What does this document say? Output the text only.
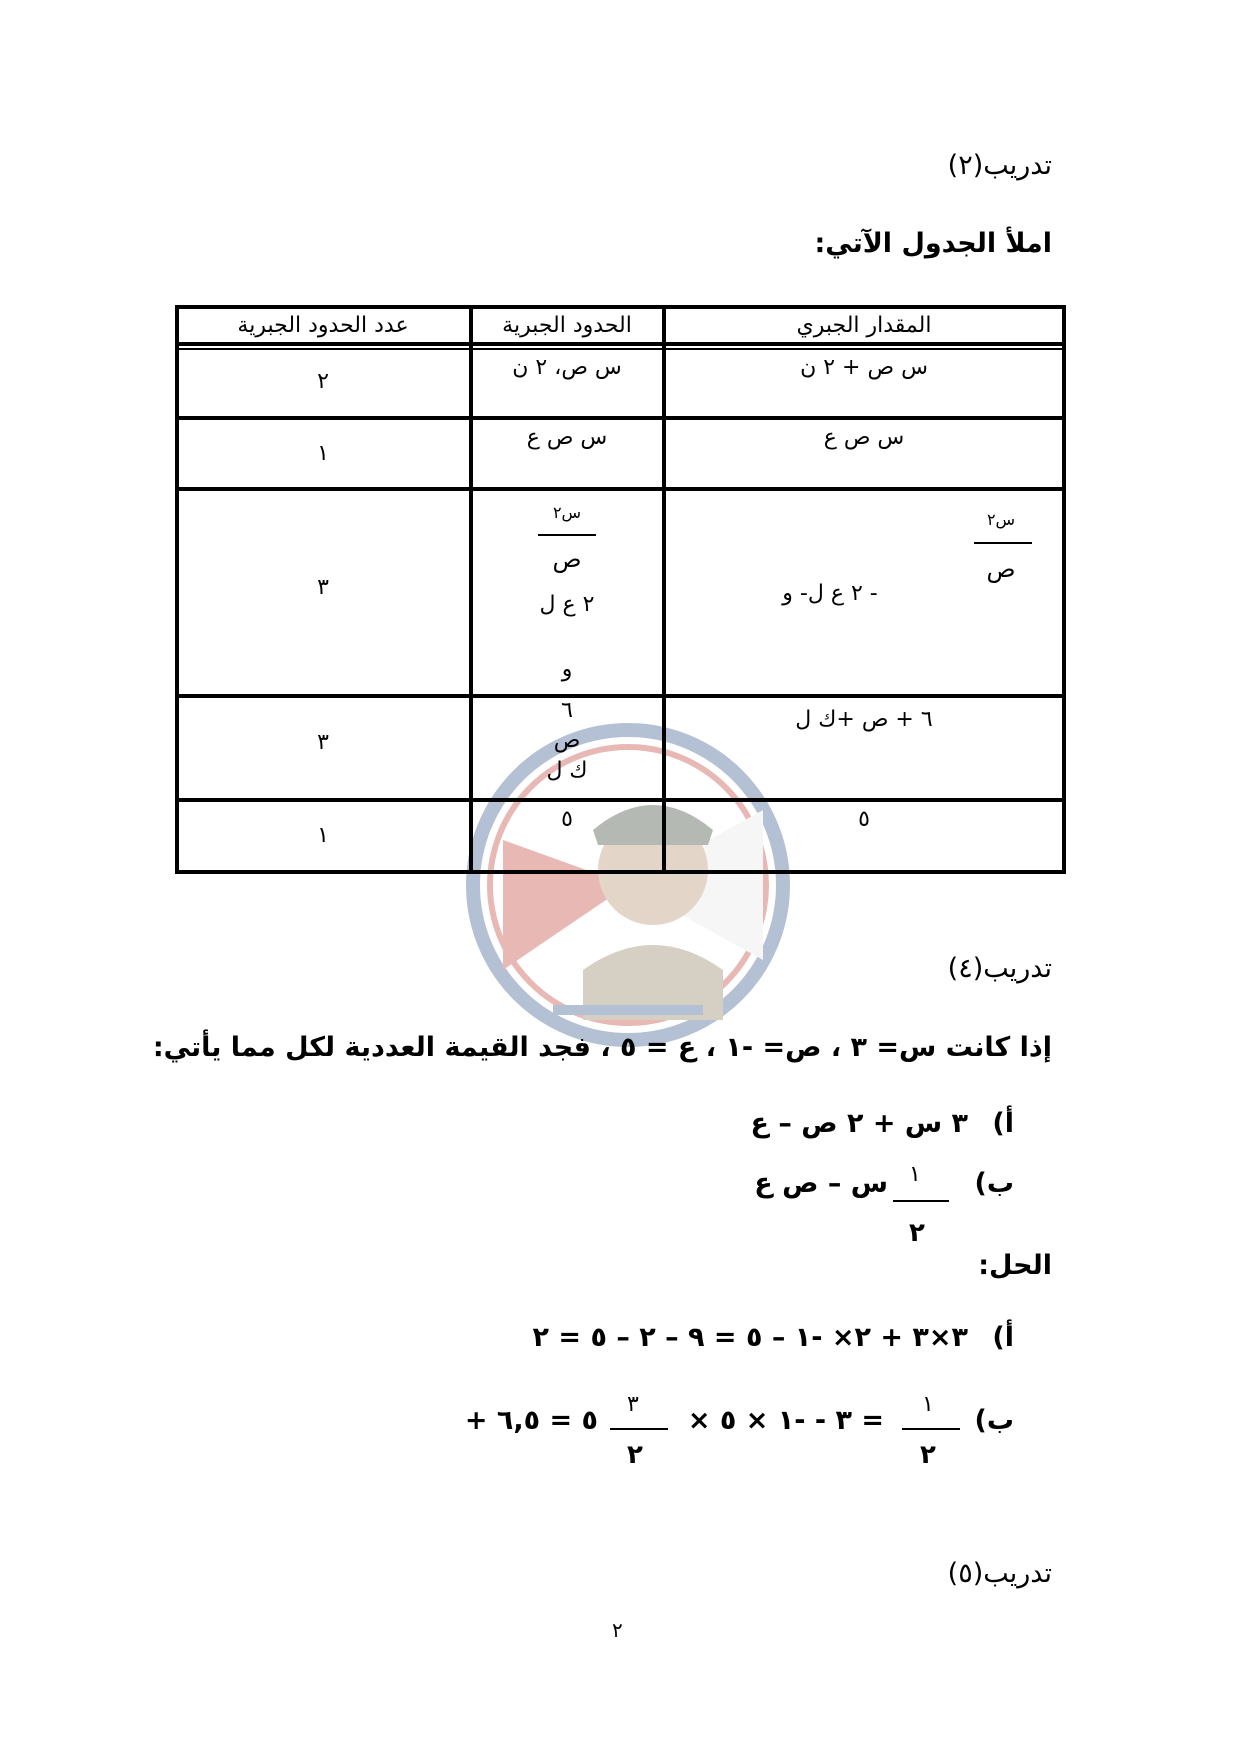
تدريب(٢)
املأ الجدول الآتي:
المقدار الجبري
الحدود الجبرية
عدد الحدود الجبرية
س ص + ٢ ن
س ص، ٢ ن
٢
س ص ع
س ص ع
١
س٢
ص
- ٢ ع ل- و
س٢
ص
٢ ع ل
و
٣
٦ + ص +ك ل
٦
ص
ك ل
٣
٥
٥
١
تدريب(٤)
إذا كانت س= ٣ ، ص= -١ ، ع = ٥ ، فجد القيمة العددية لكل مما يأتي:
أ)
٣ س + ٢ ص – ع
ب)
١
٢
س – ص ع
الحل:
أ)
٣×٣ + ٢× -١ – ٥ = ٩ – ٢ – ٥ = ٢
ب)
١
٢
× ٣ - -١ × ٥ =
٣
٢
+ ٥ = ٦,٥
تدريب(٥)
٢
